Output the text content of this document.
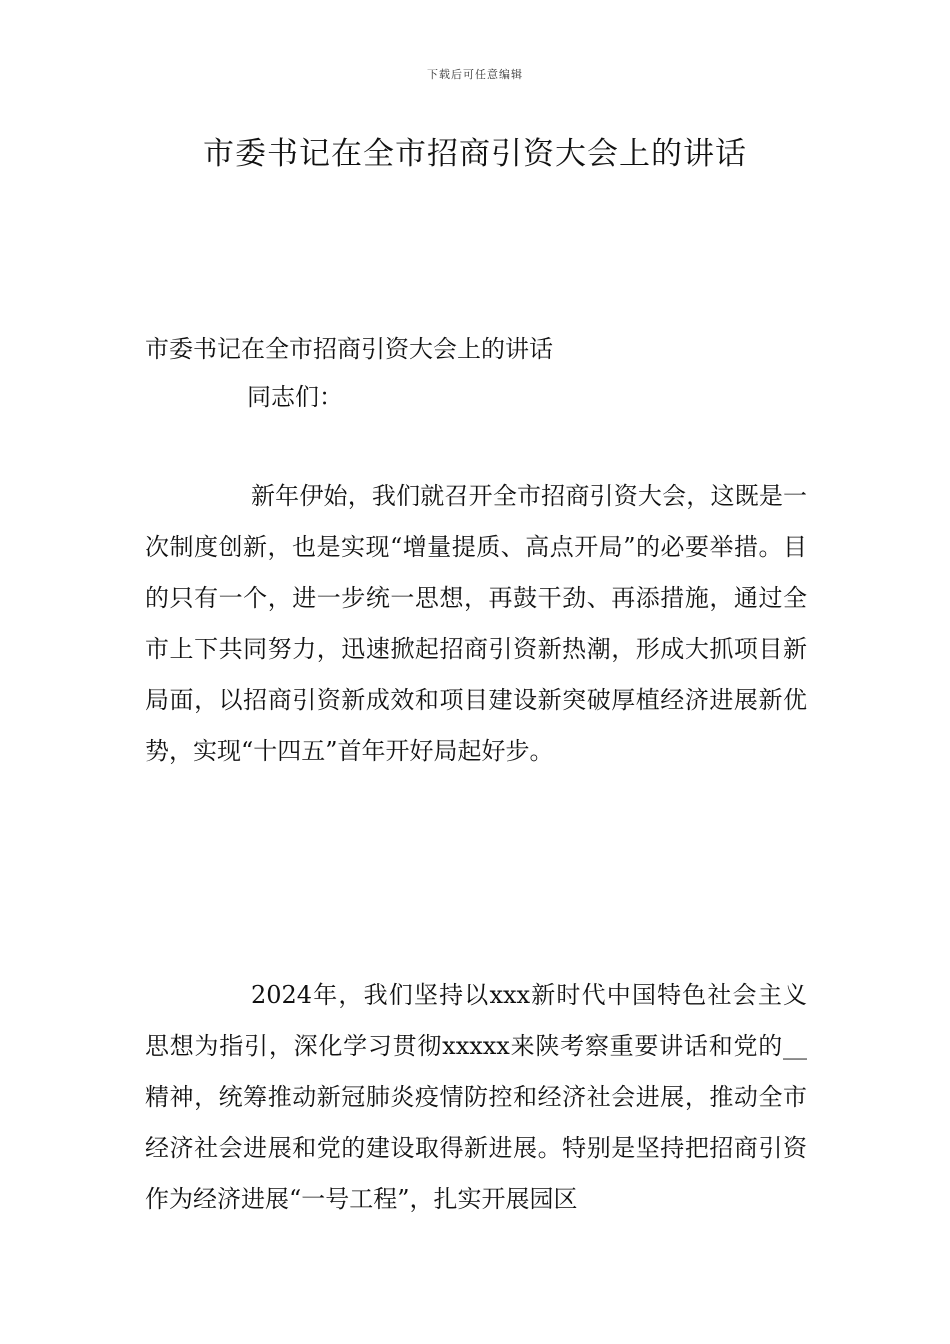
下载后可任意编辑
市委书记在全市招商引资大会上的讲话
市委书记在全市招商引资大会上的讲话
同志们：

新年伊始，我们就召开全市招商引资大会，这既是一次制度创新，也是实现“增量提质、高点开局”的必要举措。目的只有一个，进一步统一思想，再鼓干劲、再添措施，通过全市上下共同努力，迅速掀起招商引资新热潮，形成大抓项目新局面，以招商引资新成效和项目建设新突破厚植经济进展新优势，实现“十四五”首年开好局起好步。

2024年，我们坚持以xxx新时代中国特色社会主义思想为指引，深化学习贯彻xxxxx来陕考察重要讲话和党的__精神，统筹推动新冠肺炎疫情防控和经济社会进展，推动全市经济社会进展和党的建设取得新进展。特别是坚持把招商引资作为经济进展“一号工程”，扎实开展园区
